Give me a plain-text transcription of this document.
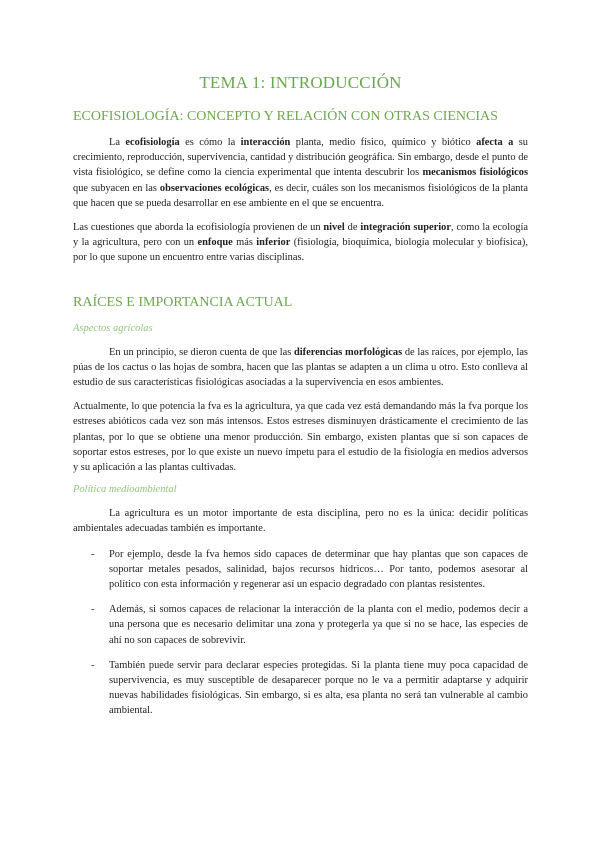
TEMA 1: INTRODUCCIÓN
ECOFISIOLOGÍA: CONCEPTO Y RELACIÓN CON OTRAS CIENCIAS

La ecofisiología es cómo la interacción planta, medio físico, químico y biótico afecta a su crecimiento, reproducción, supervivencia, cantidad y distribución geográfica. Sin embargo, desde el punto de vista fisiológico, se define como la ciencia experimental que intenta descubrir los mecanismos fisiológicos que subyacen en las observaciones ecológicas, es decir, cuáles son los mecanismos fisiológicos de la planta que hacen que se pueda desarrollar en ese ambiente en el que se encuentra.

Las cuestiones que aborda la ecofisiología provienen de un nivel de integración superior, como la ecología y la agricultura, pero con un enfoque más inferior (fisiología, bioquímica, biología molecular y biofísica), por lo que supone un encuentro entre varias disciplinas.

RAÍCES E IMPORTANCIA ACTUAL
Aspectos agrícolas

En un principio, se dieron cuenta de que las diferencias morfológicas de las raíces, por ejemplo, las púas de los cactus o las hojas de sombra, hacen que las plantas se adapten a un clima u otro. Esto conlleva al estudio de sus características fisiológicas asociadas a la supervivencia en esos ambientes.

Actualmente, lo que potencia la fva es la agricultura, ya que cada vez está demandando más la fva porque los estreses abióticos cada vez son más intensos. Estos estreses disminuyen drásticamente el crecimiento de las plantas, por lo que se obtiene una menor producción. Sin embargo, existen plantas que sí son capaces de soportar estos estreses, por lo que existe un nuevo ímpetu para el estudio de la fisiología en medios adversos y su aplicación a las plantas cultivadas.

Política medioambiental

La agricultura es un motor importante de esta disciplina, pero no es la única: decidir políticas ambientales adecuadas también es importante.

- Por ejemplo, desde la fva hemos sido capaces de determinar que hay plantas que son capaces de soportar metales pesados, salinidad, bajos recursos hídricos… Por tanto, podemos asesorar al político con esta información y regenerar así un espacio degradado con plantas resistentes.
- Además, si somos capaces de relacionar la interacción de la planta con el medio, podemos decir a una persona que es necesario delimitar una zona y protegerla ya que si no se hace, las especies de ahí no son capaces de sobrevivir.
- También puede servir para declarar especies protegidas. Si la planta tiene muy poca capacidad de supervivencia, es muy susceptible de desaparecer porque no le va a permitir adaptarse y adquirir nuevas habilidades fisiológicas. Sin embargo, si es alta, esa planta no será tan vulnerable al cambio ambiental.
